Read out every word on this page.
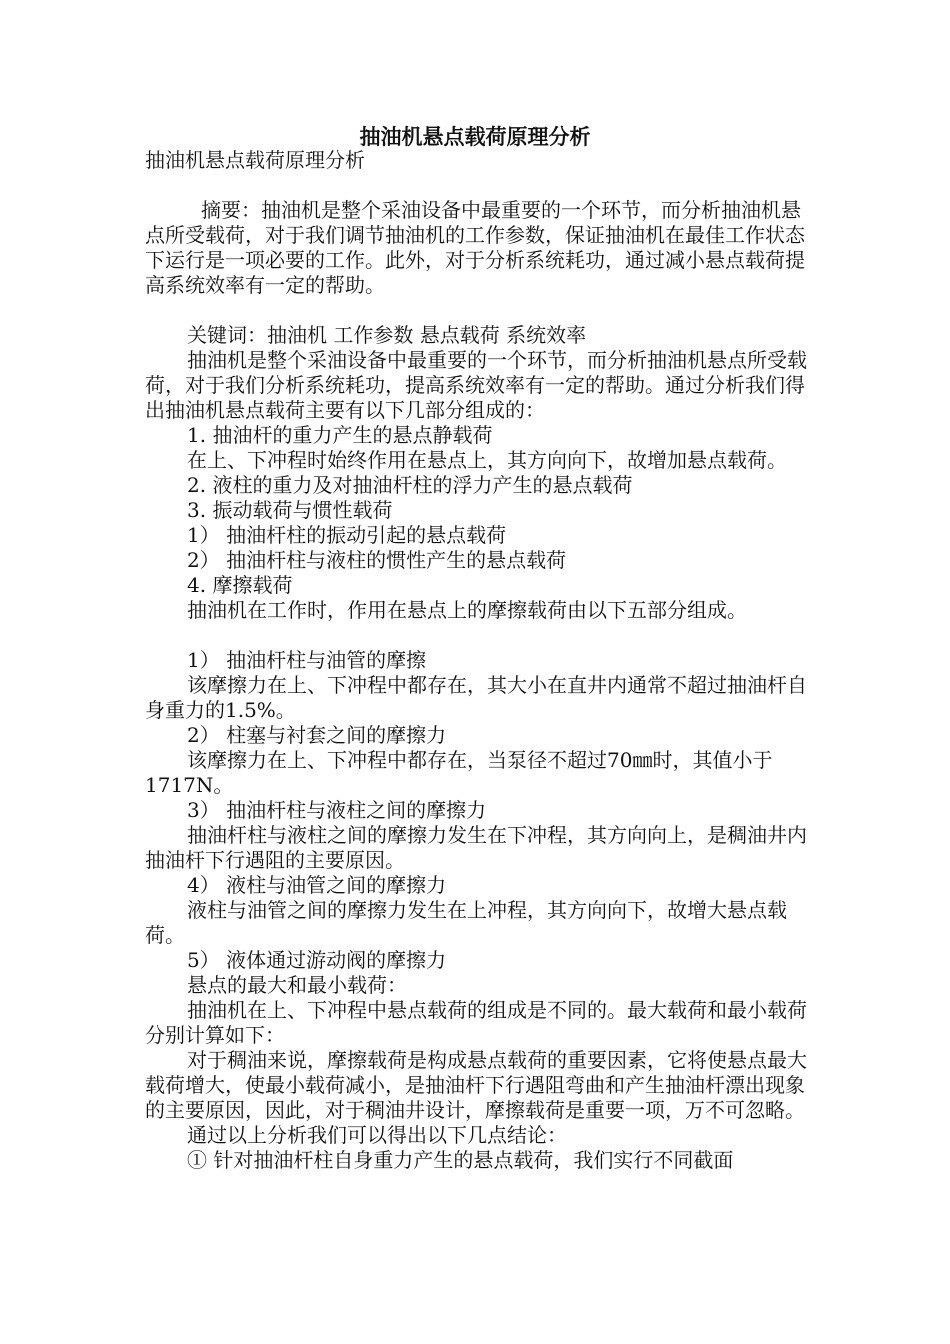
抽油机悬点载荷原理分析

抽油机悬点载荷原理分析

摘要：抽油机是整个采油设备中最重要的一个环节，而分析抽油机悬点所受载荷，对于我们调节抽油机的工作参数，保证抽油机在最佳工作状态下运行是一项必要的工作。此外，对于分析系统耗功，通过减小悬点载荷提高系统效率有一定的帮助。

关键词：抽油机 工作参数 悬点载荷 系统效率

抽油机是整个采油设备中最重要的一个环节，而分析抽油机悬点所受载荷，对于我们分析系统耗功，提高系统效率有一定的帮助。通过分析我们得出抽油机悬点载荷主要有以下几部分组成的：

1. 抽油杆的重力产生的悬点静载荷

在上、下冲程时始终作用在悬点上，其方向向下，故增加悬点载荷。

2. 液柱的重力及对抽油杆柱的浮力产生的悬点载荷

3. 振动载荷与惯性载荷

1） 抽油杆柱的振动引起的悬点载荷

2） 抽油杆柱与液柱的惯性产生的悬点载荷

4. 摩擦载荷

抽油机在工作时，作用在悬点上的摩擦载荷由以下五部分组成。

1） 抽油杆柱与油管的摩擦

该摩擦力在上、下冲程中都存在，其大小在直井内通常不超过抽油杆自身重力的1.5%。

2） 柱塞与衬套之间的摩擦力

该摩擦力在上、下冲程中都存在，当泵径不超过70㎜时，其值小于1717N。

3） 抽油杆柱与液柱之间的摩擦力

抽油杆柱与液柱之间的摩擦力发生在下冲程，其方向向上，是稠油井内抽油杆下行遇阻的主要原因。

4） 液柱与油管之间的摩擦力

液柱与油管之间的摩擦力发生在上冲程，其方向向下，故增大悬点载荷。

5） 液体通过游动阀的摩擦力

悬点的最大和最小载荷：

抽油机在上、下冲程中悬点载荷的组成是不同的。最大载荷和最小载荷分别计算如下：

对于稠油来说，摩擦载荷是构成悬点载荷的重要因素，它将使悬点最大载荷增大，使最小载荷减小，是抽油杆下行遇阻弯曲和产生抽油杆漂出现象的主要原因，因此，对于稠油井设计，摩擦载荷是重要一项，万不可忽略。

通过以上分析我们可以得出以下几点结论：

① 针对抽油杆柱自身重力产生的悬点载荷，我们实行不同截面
